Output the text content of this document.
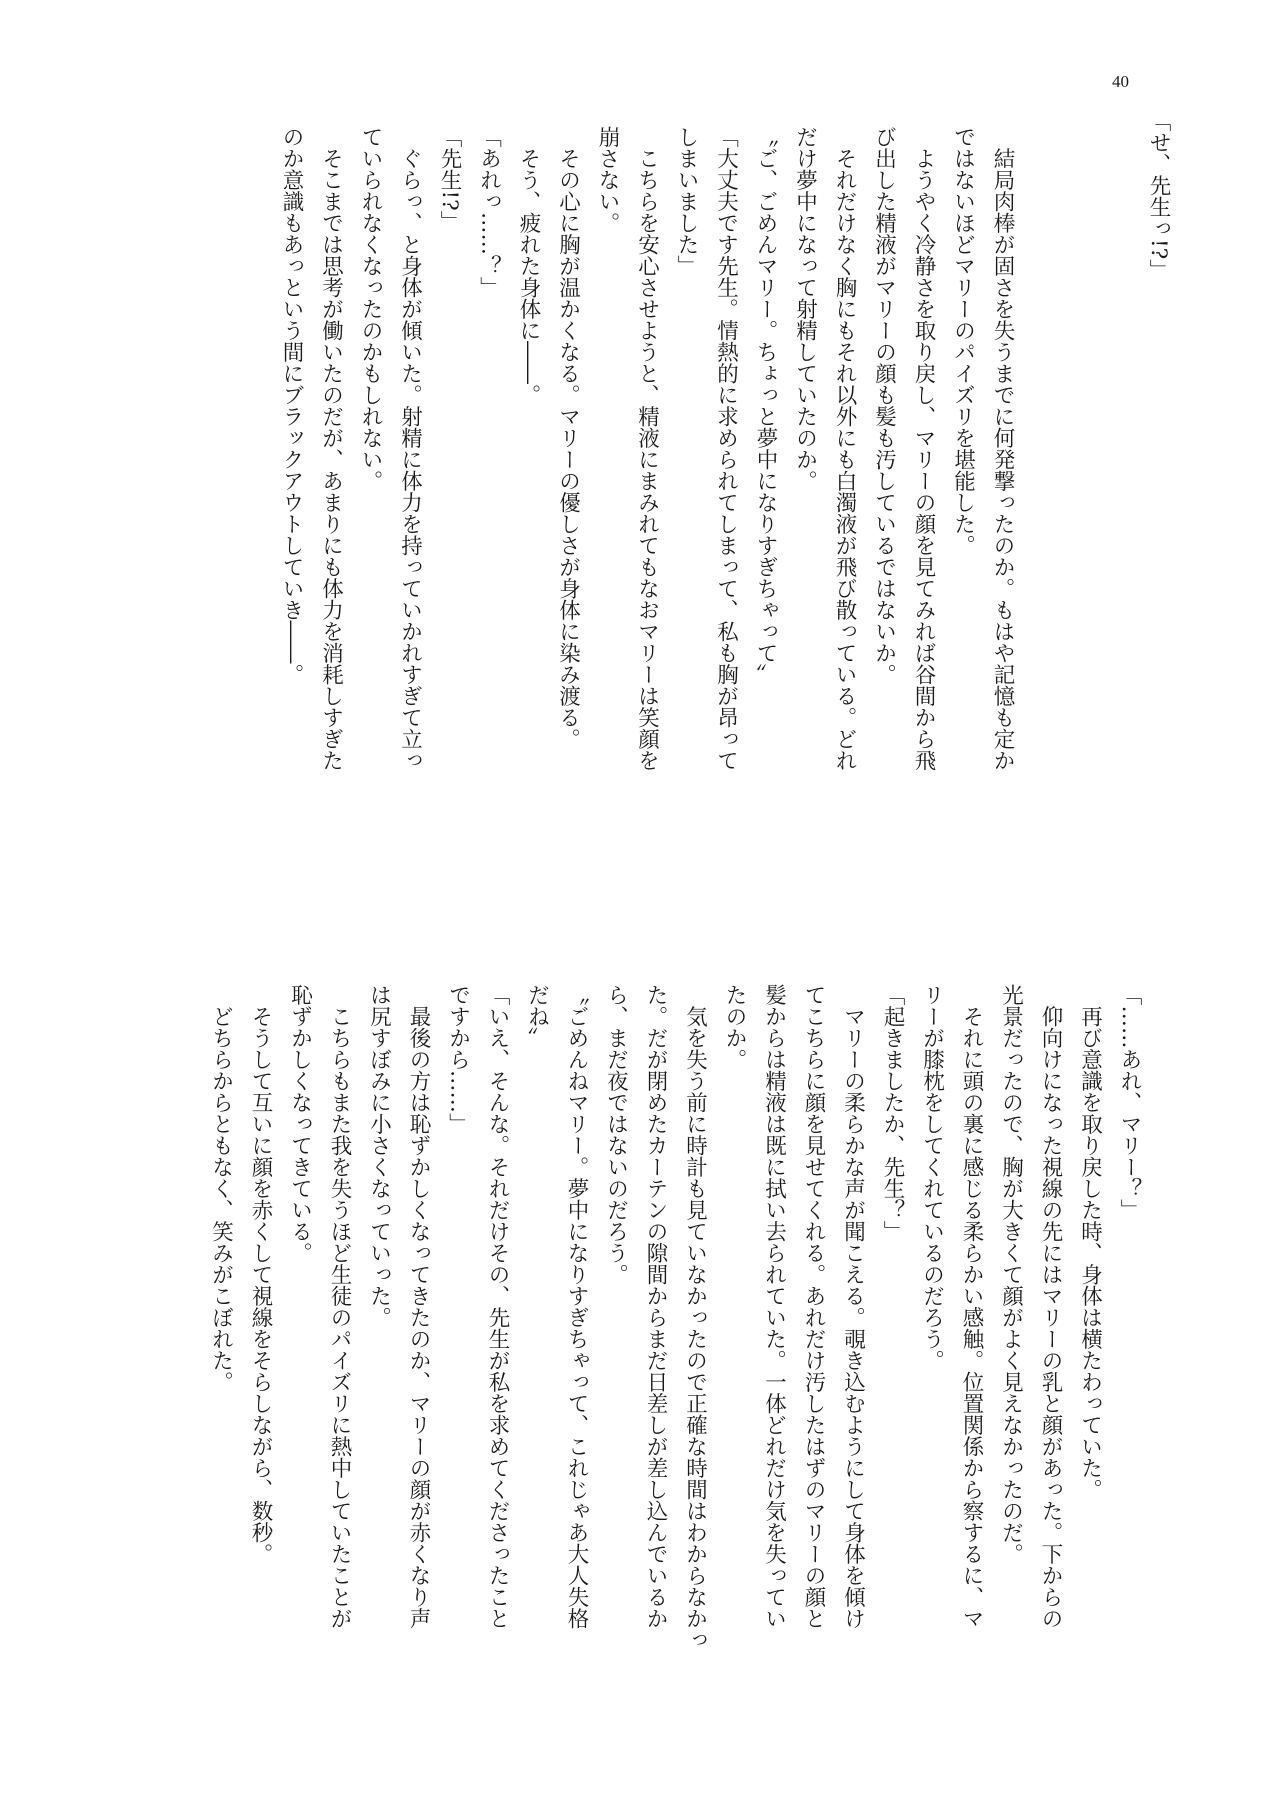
40
「せ、先生っ!?」
　結局肉棒が固さを失うまでに何発撃ったのか。もはや記憶も定か
ではないほどマリーのパイズリを堪能した。
　ようやく冷静さを取り戻し、マリーの顔を見てみれば谷間から飛
び出した精液がマリーの顔も髪も汚しているではないか。
　それだけなく胸にもそれ以外にも白濁液が飛び散っている。どれ
だけ夢中になって射精していたのか。
〝ご、ごめんマリー。ちょっと夢中になりすぎちゃって〟
「大丈夫です先生。情熱的に求められてしまって、私も胸が昂って
しまいました」
　こちらを安心させようと、精液にまみれてもなおマリーは笑顔を
崩さない。
　その心に胸が温かくなる。マリーの優しさが身体に染み渡る。
　そう、疲れた身体に――。
「あれっ……？」
「先生!?」
　ぐらっ、と身体が傾いた。射精に体力を持っていかれすぎて立っ
ていられなくなったのかもしれない。
　そこまでは思考が働いたのだが、あまりにも体力を消耗しすぎた
のか意識もあっという間にブラックアウトしていき――。
「……あれ、マリー？」
　再び意識を取り戻した時、身体は横たわっていた。
　仰向けになった視線の先にはマリーの乳と顔があった。下からの
光景だったので、胸が大きくて顔がよく見えなかったのだ。
　それに頭の裏に感じる柔らかい感触。位置関係から察するに、マ
リーが膝枕をしてくれているのだろう。
「起きましたか、先生？」
　マリーの柔らかな声が聞こえる。覗き込むようにして身体を傾け
てこちらに顔を見せてくれる。あれだけ汚したはずのマリーの顔と
髪からは精液は既に拭い去られていた。一体どれだけ気を失ってい
たのか。
　気を失う前に時計も見ていなかったので正確な時間はわからなかっ
た。だが閉めたカーテンの隙間からまだ日差しが差し込んでいるか
ら、まだ夜ではないのだろう。
〝ごめんねマリー。夢中になりすぎちゃって、これじゃあ大人失格
だね〟
「いえ、そんな。それだけその、先生が私を求めてくださったこと
ですから……」
　最後の方は恥ずかしくなってきたのか、マリーの顔が赤くなり声
は尻すぼみに小さくなっていった。
　こちらもまた我を失うほど生徒のパイズリに熱中していたことが
恥ずかしくなってきている。
　そうして互いに顔を赤くして視線をそらしながら、数秒。
　どちらからともなく、笑みがこぼれた。
